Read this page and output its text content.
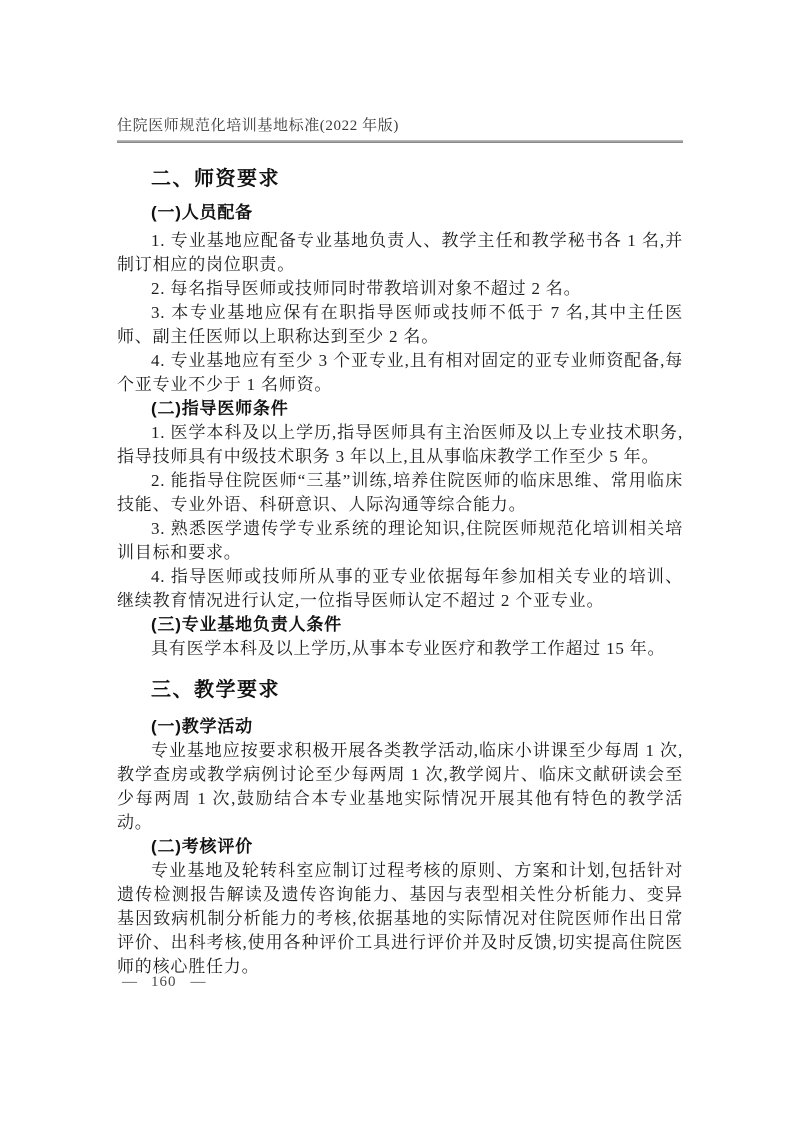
住院医师规范化培训基地标准(2022 年版)
二、师资要求
(一)人员配备

1. 专业基地应配备专业基地负责人、教学主任和教学秘书各 1 名,并制订相应的岗位职责。

2. 每名指导医师或技师同时带教培训对象不超过 2 名。

3. 本专业基地应保有在职指导医师或技师不低于 7 名,其中主任医师、副主任医师以上职称达到至少 2 名。

4. 专业基地应有至少 3 个亚专业,且有相对固定的亚专业师资配备,每个亚专业不少于 1 名师资。

(二)指导医师条件

1. 医学本科及以上学历,指导医师具有主治医师及以上专业技术职务,指导技师具有中级技术职务 3 年以上,且从事临床教学工作至少 5 年。

2. 能指导住院医师“三基”训练,培养住院医师的临床思维、常用临床技能、专业外语、科研意识、人际沟通等综合能力。

3. 熟悉医学遗传学专业系统的理论知识,住院医师规范化培训相关培训目标和要求。

4. 指导医师或技师所从事的亚专业依据每年参加相关专业的培训、继续教育情况进行认定,一位指导医师认定不超过 2 个亚专业。

(三)专业基地负责人条件

具有医学本科及以上学历,从事本专业医疗和教学工作超过 15 年。

三、教学要求
(一)教学活动

专业基地应按要求积极开展各类教学活动,临床小讲课至少每周 1 次,教学查房或教学病例讨论至少每两周 1 次,教学阅片、临床文献研读会至少每两周 1 次,鼓励结合本专业基地实际情况开展其他有特色的教学活动。

(二)考核评价

专业基地及轮转科室应制订过程考核的原则、方案和计划,包括针对遗传检测报告解读及遗传咨询能力、基因与表型相关性分析能力、变异基因致病机制分析能力的考核,依据基地的实际情况对住院医师作出日常评价、出科考核,使用各种评价工具进行评价并及时反馈,切实提高住院医师的核心胜任力。

— 160 —
